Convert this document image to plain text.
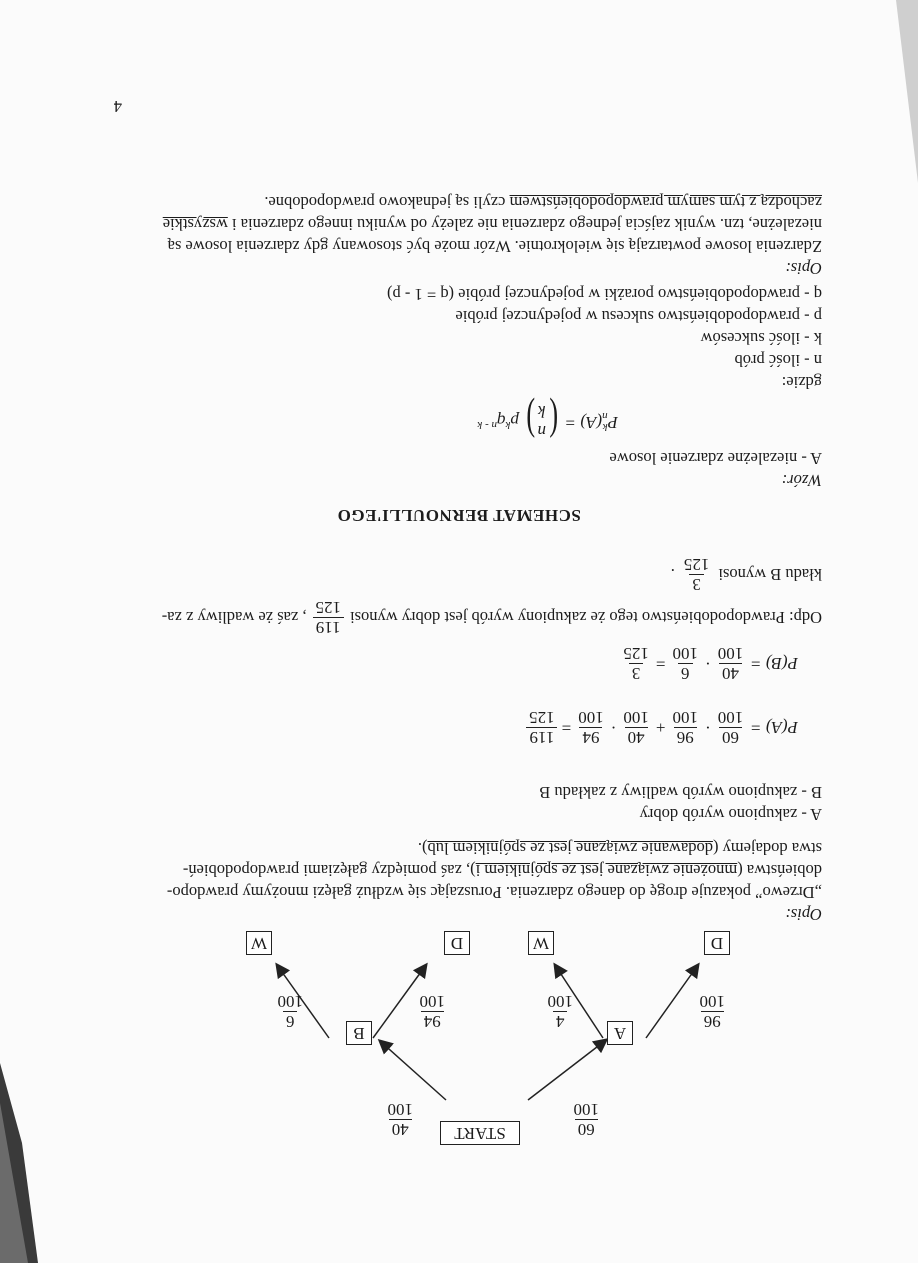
START
A
B
D
W
D
W
60
100
40
100
96
100
4
100
94
100
6
100
Opis:
„Drzewo” pokazuje drogę do danego zdarzenia. Poruszając się wzdłuż gałęzi mnożymy prawdopo-
dobieństwa (mnożenie związane jest ze spójnikiem i), zaś pomiędzy gałęziami prawdopodobień-
stwa dodajemy (dodawanie związane jest ze spójnikiem lub).
A - zakupiono wyrób dobry
B - zakupiono wyrób wadliwy z zakładu B
P(A) =
60
100
·
96
100
+
40
100
·
94
100
=
119
125
P(B) =
40
100
·
6
100
=
3
125
Odp: Prawdopodobieństwo tego że zakupiony wyrób jest dobry wynosi
119
125
, zaś że wadliwy z za-
kładu B wynosi
3
125
.
SCHEMAT BERNOULLI'EGO
Wzór:
A - niezależne zdarzenie losowe
P
k
n
(A) =
(
n
k
)
$p^kq^{n - k}$
gdzie:
n - ilość prób
k - ilość sukcesów
p - prawdopodobieństwo sukcesu w pojedynczej próbie
q - prawdopodobieństwo porażki w pojedynczej próbie (q = 1 - p)
Opis:
Zdarzenia losowe powtarzają się wielokrotnie. Wzór może być stosowany gdy zdarzenia losowe są
niezależne, tzn. wynik zajścia jednego zdarzenia nie zależy od wyniku innego zdarzenia i wszystkie
zachodzą z tym samym prawdopodobieństwem czyli są jednakowo prawdopodobne.
4
